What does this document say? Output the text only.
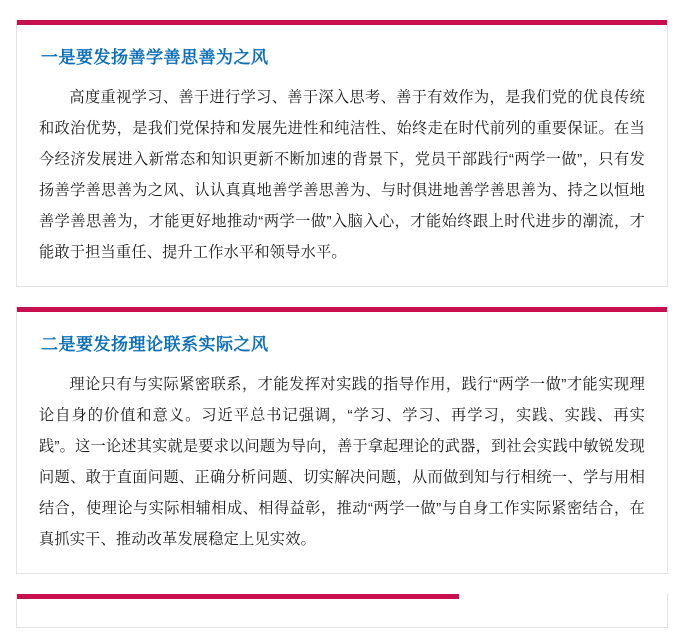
一是要发扬善学善思善为之风

高度重视学习、善于进行学习、善于深入思考、善于有效作为，是我们党的优良传统和政治优势，是我们党保持和发展先进性和纯洁性、始终走在时代前列的重要保证。在当今经济发展进入新常态和知识更新不断加速的背景下，党员干部践行“两学一做”，只有发扬善学善思善为之风、认认真真地善学善思善为、与时俱进地善学善思善为、持之以恒地善学善思善为，才能更好地推动“两学一做”入脑入心，才能始终跟上时代进步的潮流，才能敢于担当重任、提升工作水平和领导水平。

二是要发扬理论联系实际之风

理论只有与实际紧密联系，才能发挥对实践的指导作用，践行“两学一做”才能实现理论自身的价值和意义。习近平总书记强调，“学习、学习、再学习，实践、实践、再实践”。这一论述其实就是要求以问题为导向，善于拿起理论的武器，到社会实践中敏锐发现问题、敢于直面问题、正确分析问题、切实解决问题，从而做到知与行相统一、学与用相结合，使理论与实际相辅相成、相得益彰，推动“两学一做”与自身工作实际紧密结合，在真抓实干、推动改革发展稳定上见实效。
